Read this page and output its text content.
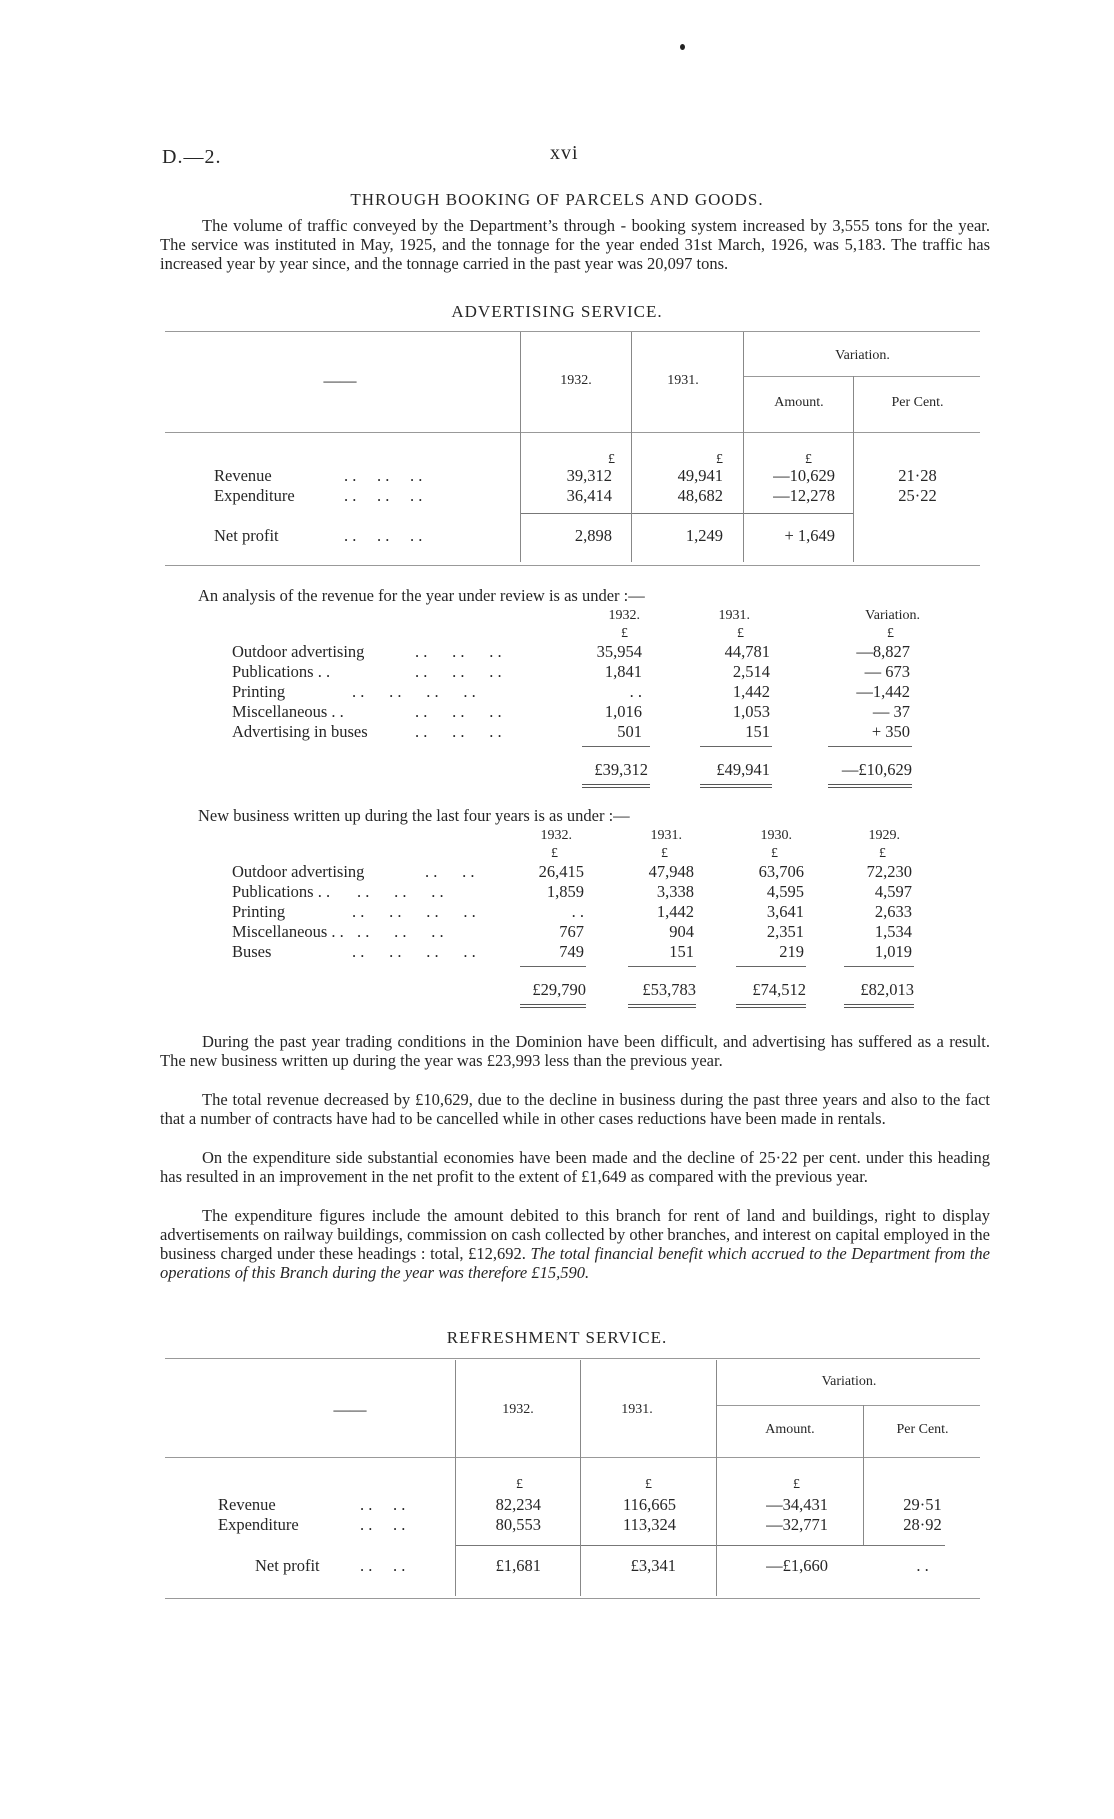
D.—2.	xvi
THROUGH BOOKING OF PARCELS AND GOODS.
The volume of traffic conveyed by the Department’s through - booking system increased by 3,555 tons for the year. The service was instituted in May, 1925, and the tonnage for the year ended 31st March, 1926, was 5,183. The traffic has increased year by year since, and the tonnage carried in the past year was 20,097 tons.
ADVERTISING SERVICE.
——	1932.	1931.
Variation.
Amount.	Per Cent.
£	£	£
Revenue	. .     . .     . .	39,312	49,941	—10,629	21·28
Expenditure	. .     . .     . .	36,414	48,682	—12,278	25·22
Net profit	. .     . .     . .	2,898	1,249	+ 1,649
An analysis of the revenue for the year under review is as under :—
1932.	1931.	Variation.
£	£	£
Outdoor advertising	. .      . .      . .	35,954	44,781	—8,827
Publications . .	. .      . .      . .	1,841	2,514	— 673
Printing	. .      . .      . .      . .	. .	1,442	—1,442
Miscellaneous . .	. .      . .      . .	1,016	1,053	— 37
Advertising in buses	. .      . .      . .	501	151	+ 350
£39,312	£49,941	—£10,629
New business written up during the last four years is as under :—
1932.	1931.	1930.	1929.
£	£	£	£
Outdoor advertising	. .      . .	26,415	47,948	63,706	72,230
Publications . . . .      . .      . .	1,859	3,338	4,595	4,597
Printing	. .      . .      . .      . .	. .	1,442	3,641	2,633
Miscellaneous . . . .      . .      . .	767	904	2,351	1,534
Buses	. .      . .      . .      . .	749	151	219	1,019
£29,790	£53,783	£74,512	£82,013
During the past year trading conditions in the Dominion have been difficult, and advertising has suffered as a result. The new business written up during the year was £23,993 less than the previous year.
The total revenue decreased by £10,629, due to the decline in business during the past three years and also to the fact that a number of contracts have had to be cancelled while in other cases reductions have been made in rentals.
On the expenditure side substantial economies have been made and the decline of 25·22 per cent. under this heading has resulted in an improvement in the net profit to the extent of £1,649 as compared with the previous year.
The expenditure figures include the amount debited to this branch for rent of land and buildings, right to display advertisements on railway buildings, commission on cash collected by other branches, and interest on capital employed in the business charged under these headings : total, £12,692. The total financial benefit which accrued to the Department from the operations of this Branch during the year was therefore £15,590.
REFRESHMENT SERVICE.
——	1932.	1931.
Variation.
Amount.	Per Cent.
£	£	£
Revenue	. .     . .	82,234	116,665	—34,431	29·51
Expenditure	. .     . .	80,553	113,324	—32,771	28·92
Net profit . .     . .	£1,681	£3,341	—£1,660	. .
